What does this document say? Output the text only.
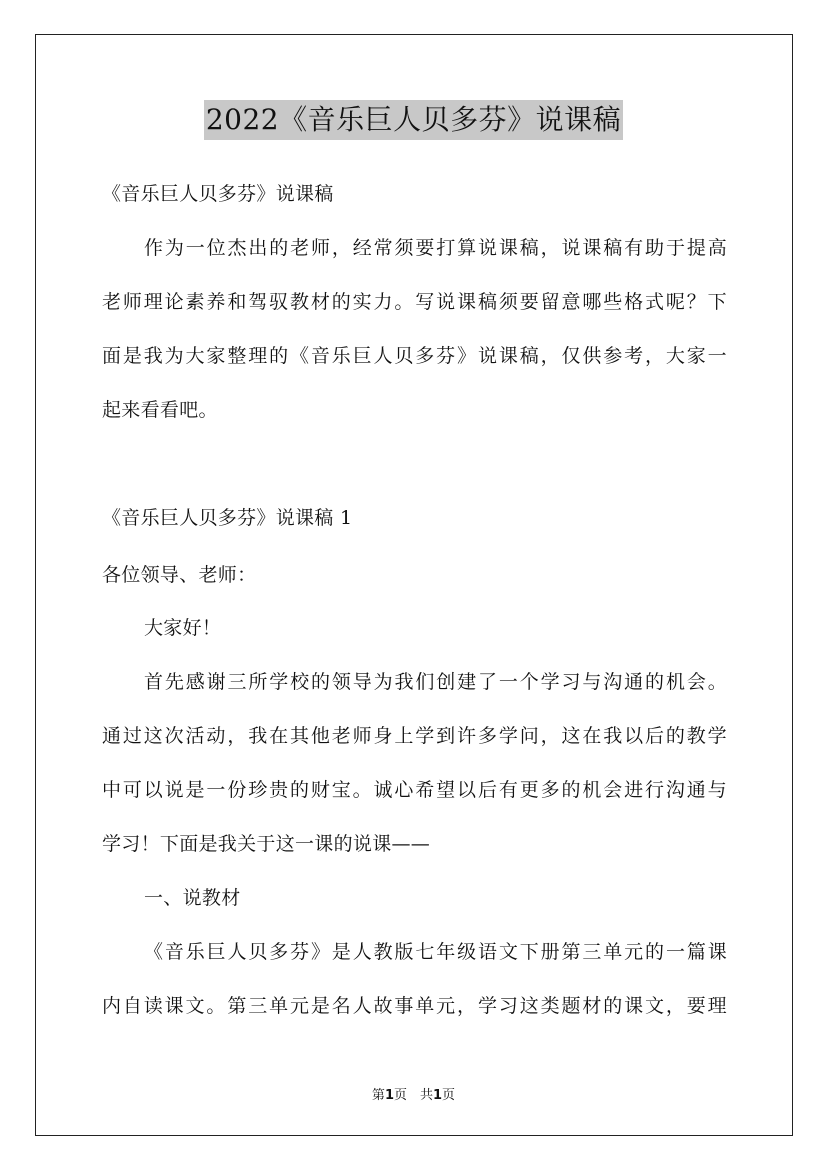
2022《音乐巨人贝多芬》说课稿
《音乐巨人贝多芬》说课稿
作为一位杰出的老师，经常须要打算说课稿，说课稿有助于提高
老师理论素养和驾驭教材的实力。写说课稿须要留意哪些格式呢？下
面是我为大家整理的《音乐巨人贝多芬》说课稿，仅供参考，大家一
起来看看吧。
《音乐巨人贝多芬》说课稿 1
各位领导、老师：
大家好！
首先感谢三所学校的领导为我们创建了一个学习与沟通的机会。
通过这次活动，我在其他老师身上学到许多学问，这在我以后的教学
中可以说是一份珍贵的财宝。诚心希望以后有更多的机会进行沟通与
学习！下面是我关于这一课的说课——
一、说教材
《音乐巨人贝多芬》是人教版七年级语文下册第三单元的一篇课
内自读课文。第三单元是名人故事单元，学习这类题材的课文，要理
第1页　共1页
